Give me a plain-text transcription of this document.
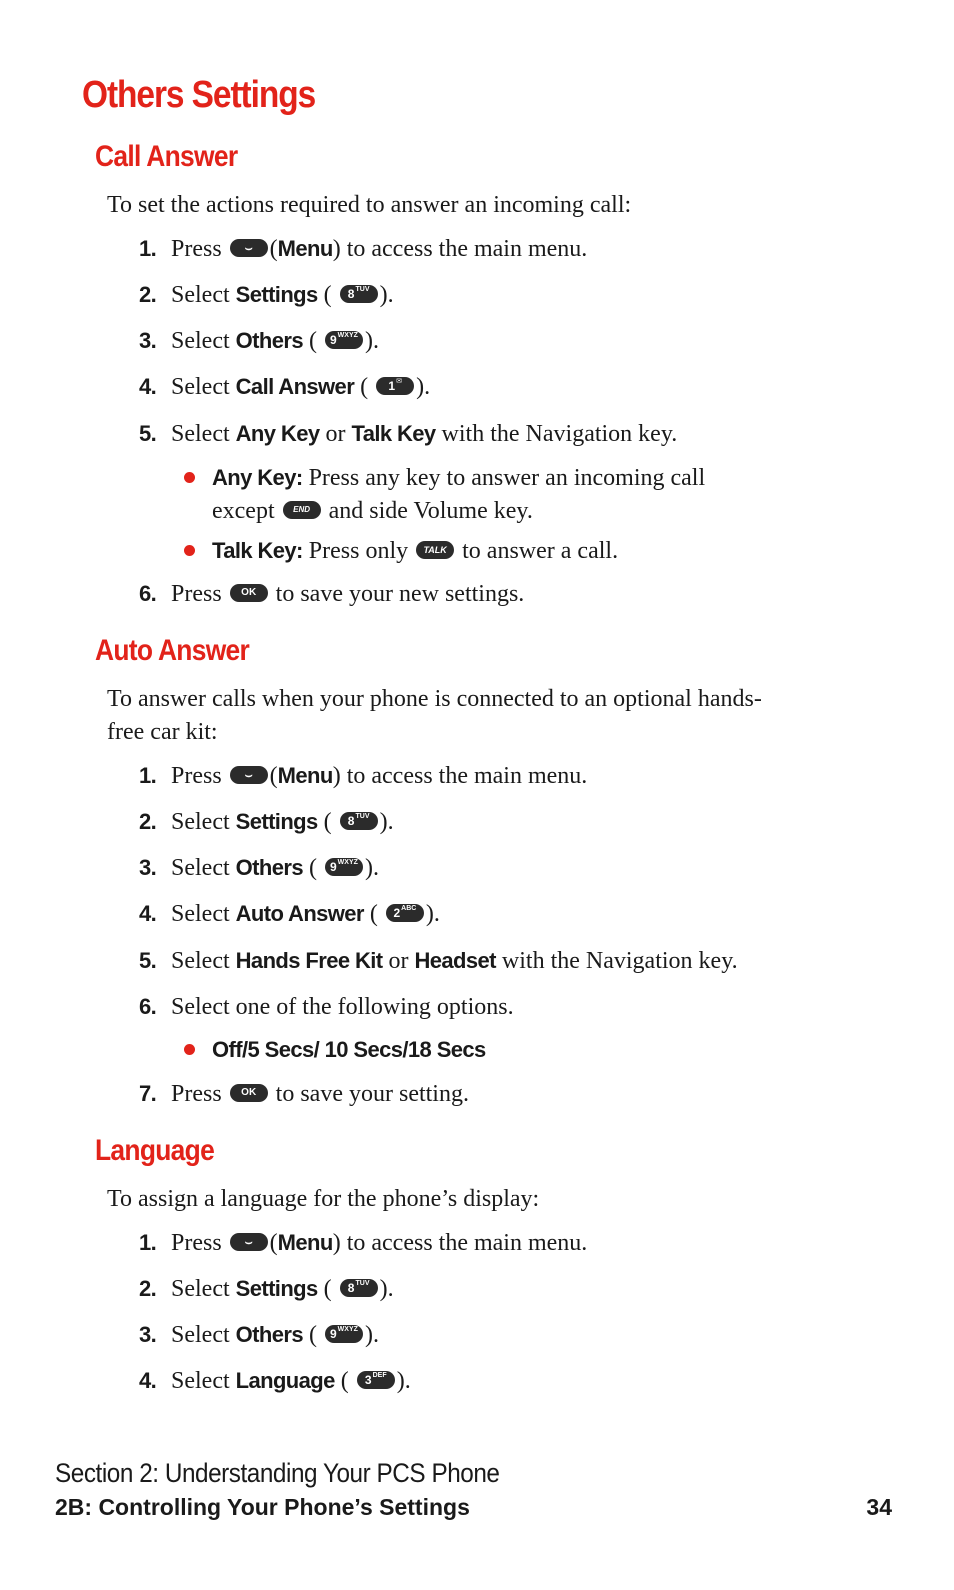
Others Settings
Call Answer

To set the actions required to answer an incoming call:

1. Press ⌣ (Menu) to access the main menu.

2. Select Settings ( $8^{TUV}$ ).

3. Select Others ( $9^{WXYZ}$ ).

4. Select Call Answer ( 1✉ ).

5. Select Any Key or Talk Key with the Navigation key.

Any Key: Press any key to answer an incoming call except END and side Volume key.
Talk Key: Press only TALK to answer a call.

6. Press OK to save your new settings.

Auto Answer

To answer calls when your phone is connected to an optional hands-free car kit:

1. Press ⌣ (Menu) to access the main menu.

2. Select Settings ( $8^{TUV}$ ).

3. Select Others ( $9^{WXYZ}$ ).

4. Select Auto Answer ( $2^{ABC}$ ).

5. Select Hands Free Kit or Headset with the Navigation key.

6. Select one of the following options.

Off/5 Secs/ 10 Secs/18 Secs

7. Press OK to save your setting.

Language

To assign a language for the phone’s display:

1. Press ⌣ (Menu) to access the main menu.

2. Select Settings ( $8^{TUV}$ ).

3. Select Others ( $9^{WXYZ}$ ).

4. Select Language ( $3^{DEF}$ ).

Section 2: Understanding Your PCS Phone

2B: Controlling Your Phone’s Settings	34
